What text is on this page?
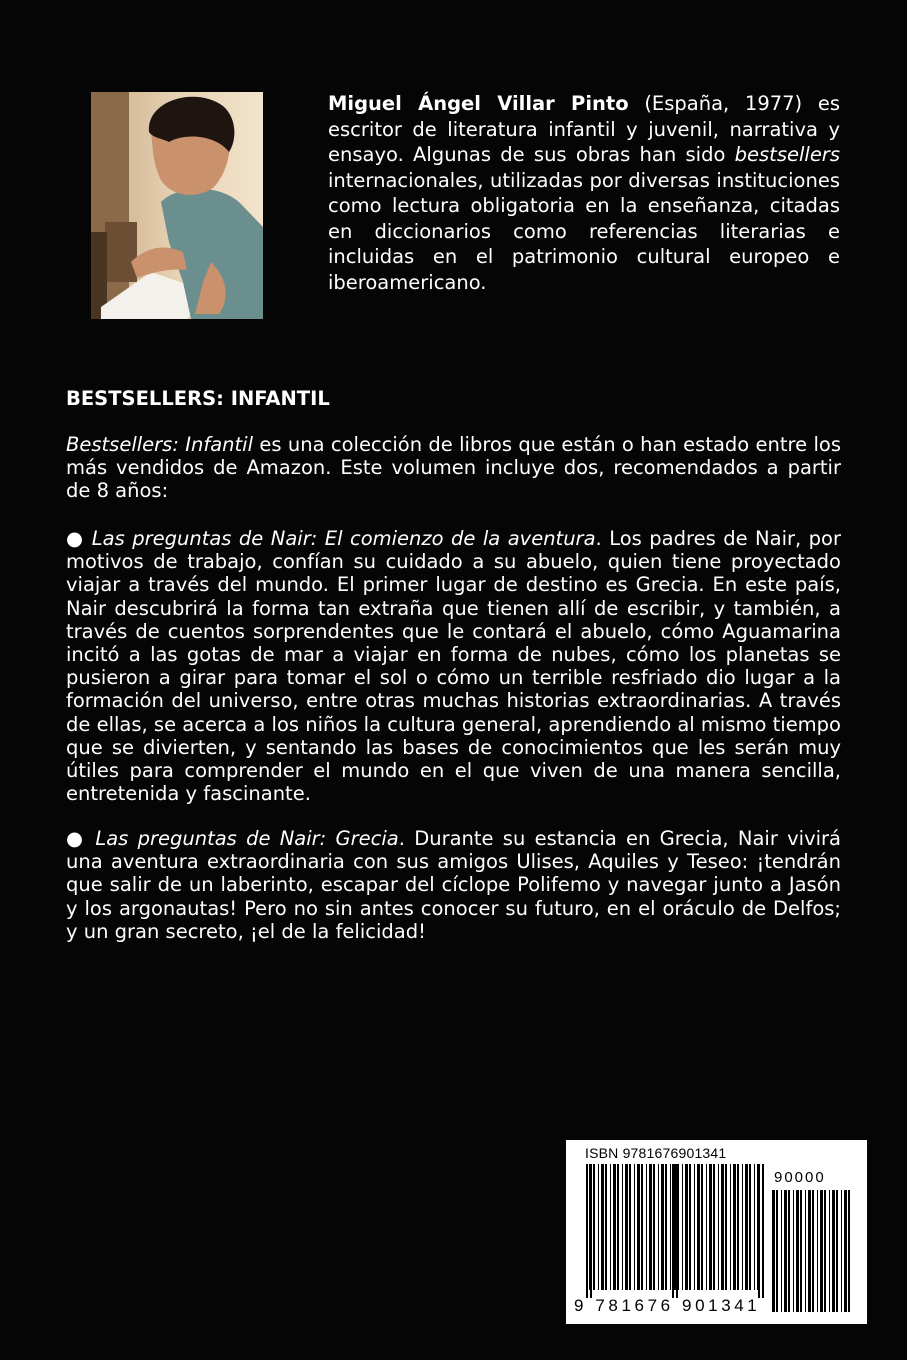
Miguel Ángel Villar Pinto (España, 1977) es escritor de literatura infantil y juvenil, narrativa y ensayo. Algunas de sus obras han sido bestsellers internacionales, utilizadas por diversas instituciones como lectura obligatoria en la enseñanza, citadas en diccionarios como referencias literarias e incluidas en el patrimonio cultural europeo e iberoamericano.

BESTSELLERS: INFANTIL

Bestsellers: Infantil es una colección de libros que están o han estado entre los más vendidos de Amazon. Este volumen incluye dos, recomendados a partir de 8 años:

● Las preguntas de Nair: El comienzo de la aventura. Los padres de Nair, por motivos de trabajo, confían su cuidado a su abuelo, quien tiene proyectado viajar a través del mundo. El primer lugar de destino es Grecia. En este país, Nair descubrirá la forma tan extraña que tienen allí de escribir, y también, a través de cuentos sorprendentes que le contará el abuelo, cómo Aguamarina incitó a las gotas de mar a viajar en forma de nubes, cómo los planetas se pusieron a girar para tomar el sol o cómo un terrible resfriado dio lugar a la formación del universo, entre otras muchas historias extraordinarias. A través de ellas, se acerca a los niños la cultura general, aprendiendo al mismo tiempo que se divierten, y sentando las bases de conocimientos que les serán muy útiles para comprender el mundo en el que viven de una manera sencilla, entretenida y fascinante.

● Las preguntas de Nair: Grecia. Durante su estancia en Grecia, Nair vivirá una aventura extraordinaria con sus amigos Ulises, Aquiles y Teseo: ¡tendrán que salir de un laberinto, escapar del cíclope Polifemo y navegar junto a Jasón y los argonautas! Pero no sin antes conocer su futuro, en el oráculo de Delfos; y un gran secreto, ¡el de la felicidad!

ISBN 9781676901341
9 781676 901341
90000
